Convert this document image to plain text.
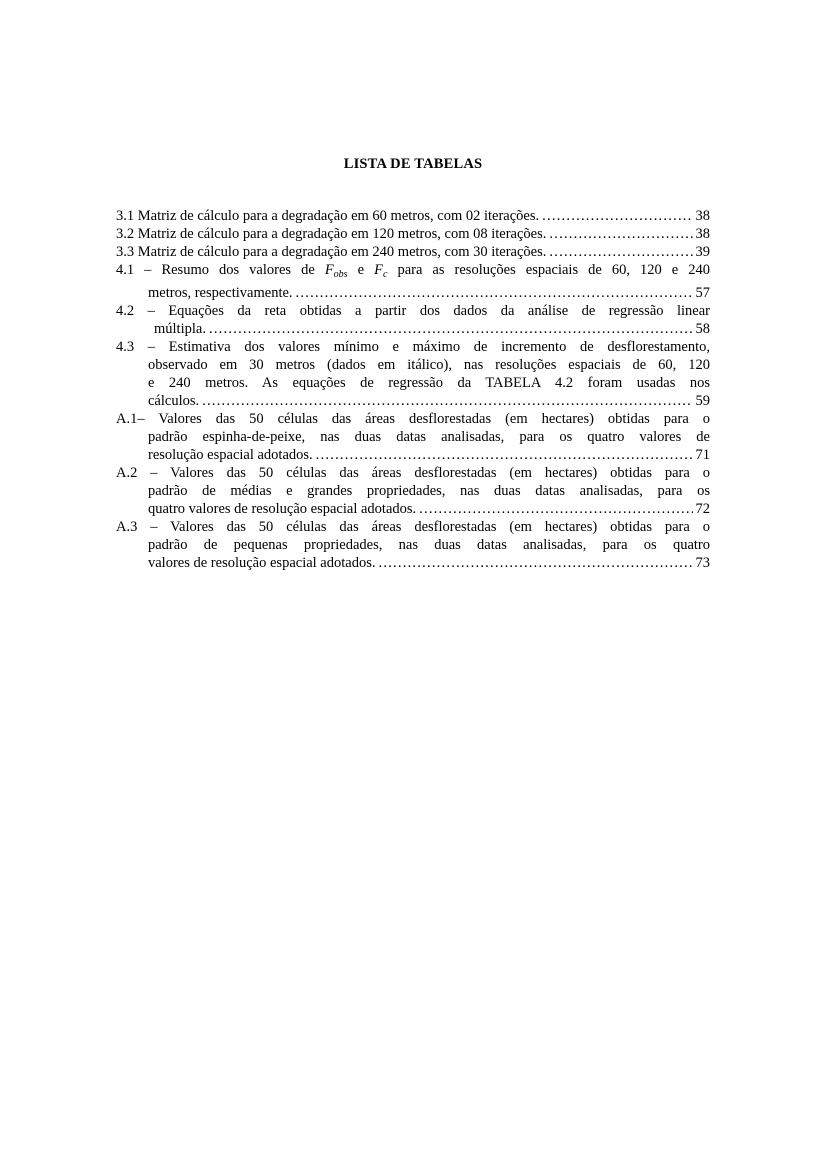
LISTA DE TABELAS
3.1 Matriz de cálculo para a degradação em 60 metros, com 02 iterações. . . .	38
3.2 Matriz de cálculo para a degradação em 120 metros, com 08 iterações. . . .	38
3.3 Matriz de cálculo para a degradação em 240 metros, com 30 iterações. . . .	39
4.1 – Resumo dos valores de $F_{obs}$ e $F_c$ para as resoluções espaciais de 60, 120 e 240
metros, respectivamente. . . .	57
4.2 – Equações da reta obtidas a partir dos dados da análise de regressão linear
múltipla. . . .	58
4.3 – Estimativa dos valores mínimo e máximo de incremento de desflorestamento,
observado em 30 metros (dados em itálico), nas resoluções espaciais de 60, 120
e 240 metros. As equações de regressão da TABELA 4.2 foram usadas nos
cálculos. . . .	59
A.1– Valores das 50 células das áreas desflorestadas (em hectares) obtidas para o
padrão espinha-de-peixe, nas duas datas analisadas, para os quatro valores de
resolução espacial adotados. . . .	71
A.2 – Valores das 50 células das áreas desflorestadas (em hectares) obtidas para o
padrão de médias e grandes propriedades, nas duas datas analisadas, para os
quatro valores de resolução espacial adotados. . . .	72
A.3 – Valores das 50 células das áreas desflorestadas (em hectares) obtidas para o
padrão de pequenas propriedades, nas duas datas analisadas, para os quatro
valores de resolução espacial adotados. . . .	73
